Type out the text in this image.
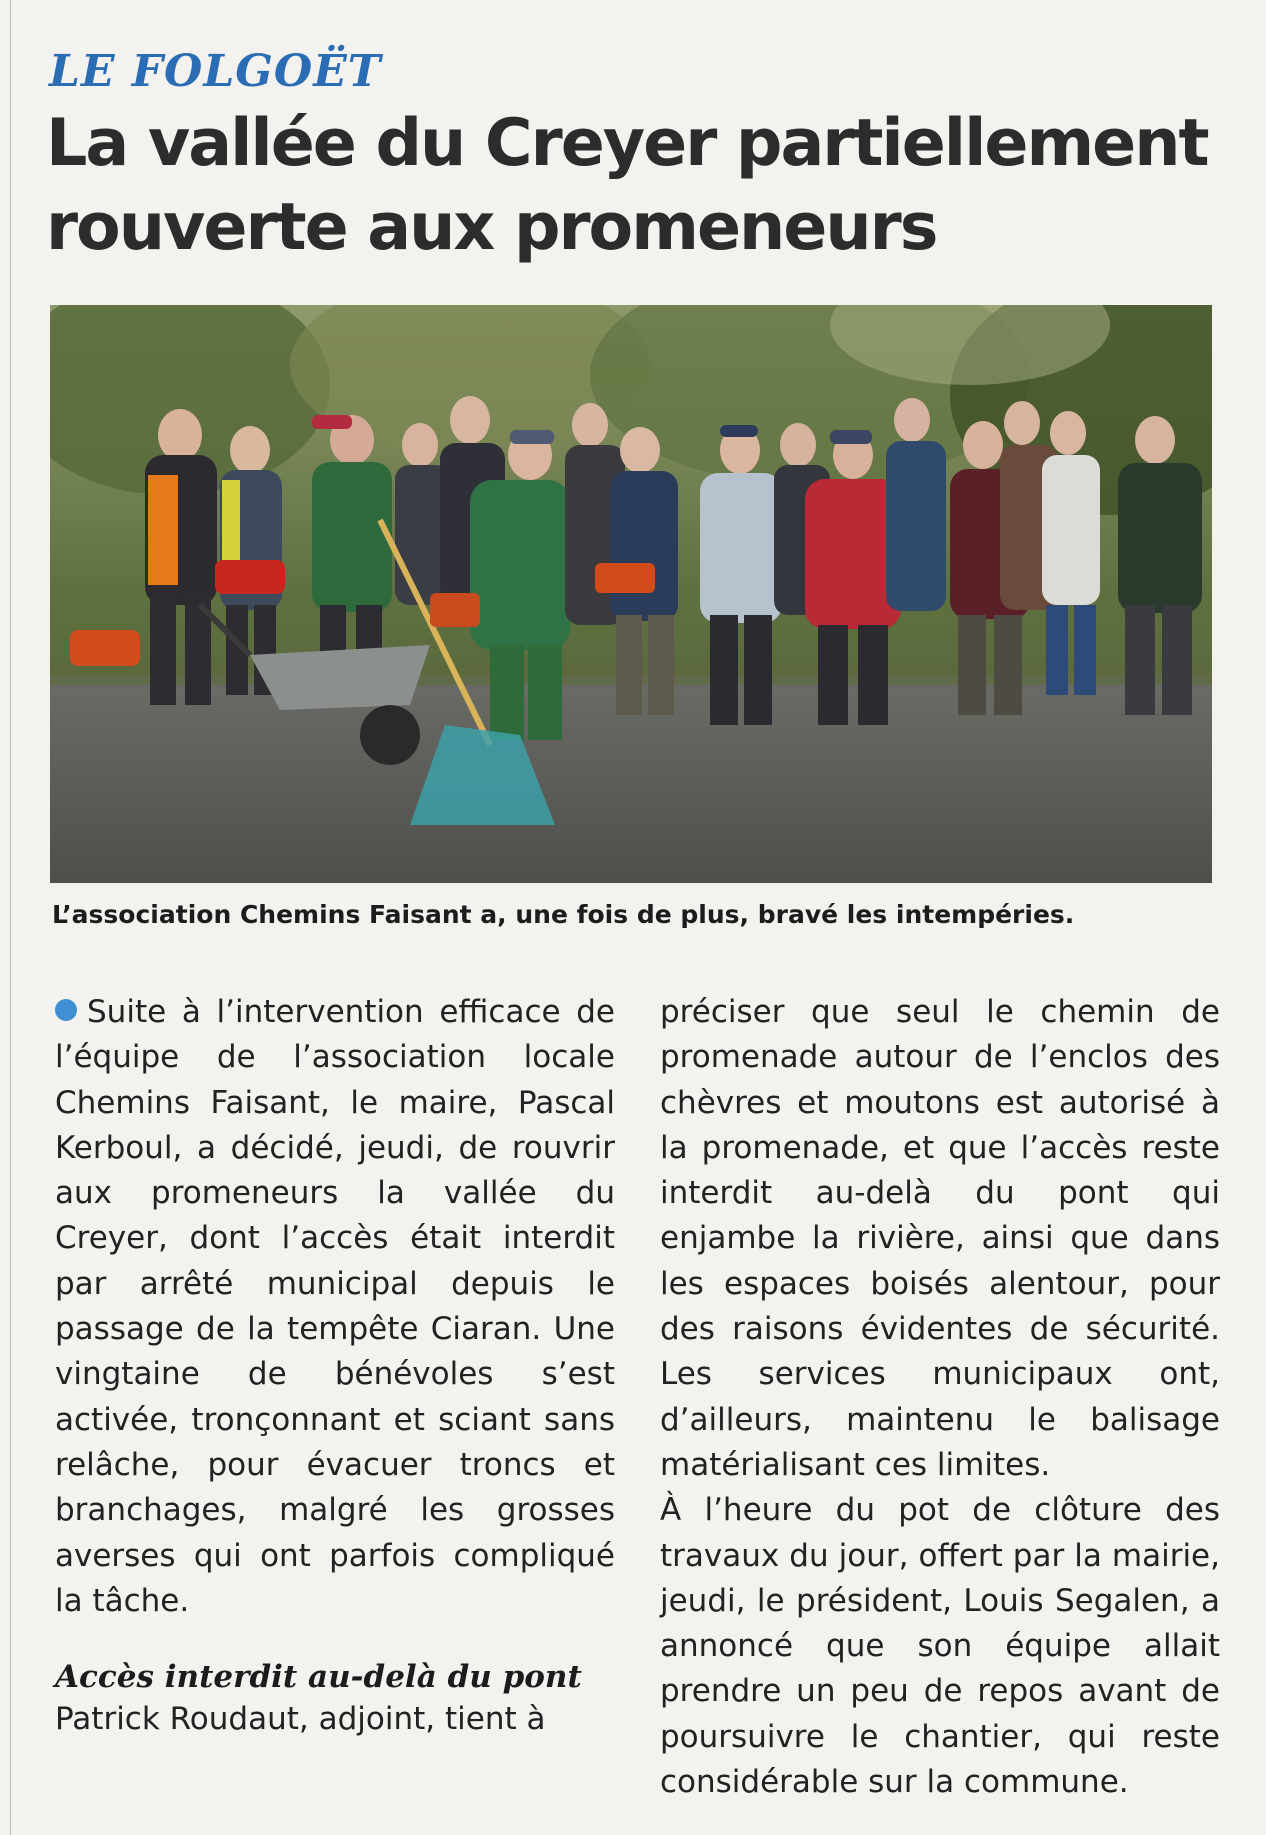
LE FOLGOËT
La vallée du Creyer partiellement rouverte aux promeneurs

L’association Chemins Faisant a, une fois de plus, bravé les intempéries.

Suite à l’intervention efficace de l’équipe de l’association locale Chemins Faisant, le maire, Pascal Kerboul, a décidé, jeudi, de rouvrir aux promeneurs la vallée du Creyer, dont l’accès était interdit par arrêté municipal depuis le passage de la tempête Ciaran. Une vingtaine de bénévoles s’est activée, tronçonnant et sciant sans relâche, pour évacuer troncs et branchages, malgré les grosses averses qui ont parfois compliqué la tâche.

Accès interdit au-delà du pont

Patrick Roudaut, adjoint, tient à

préciser que seul le chemin de promenade autour de l’enclos des chèvres et moutons est autorisé à la promenade, et que l’accès reste interdit au-delà du pont qui enjambe la rivière, ainsi que dans les espaces boisés alentour, pour des raisons évidentes de sécurité. Les services municipaux ont, d’ailleurs, maintenu le balisage matérialisant ces limites.

À l’heure du pot de clôture des travaux du jour, offert par la mairie, jeudi, le président, Louis Segalen, a annoncé que son équipe allait prendre un peu de repos avant de poursuivre le chantier, qui reste considérable sur la commune.
